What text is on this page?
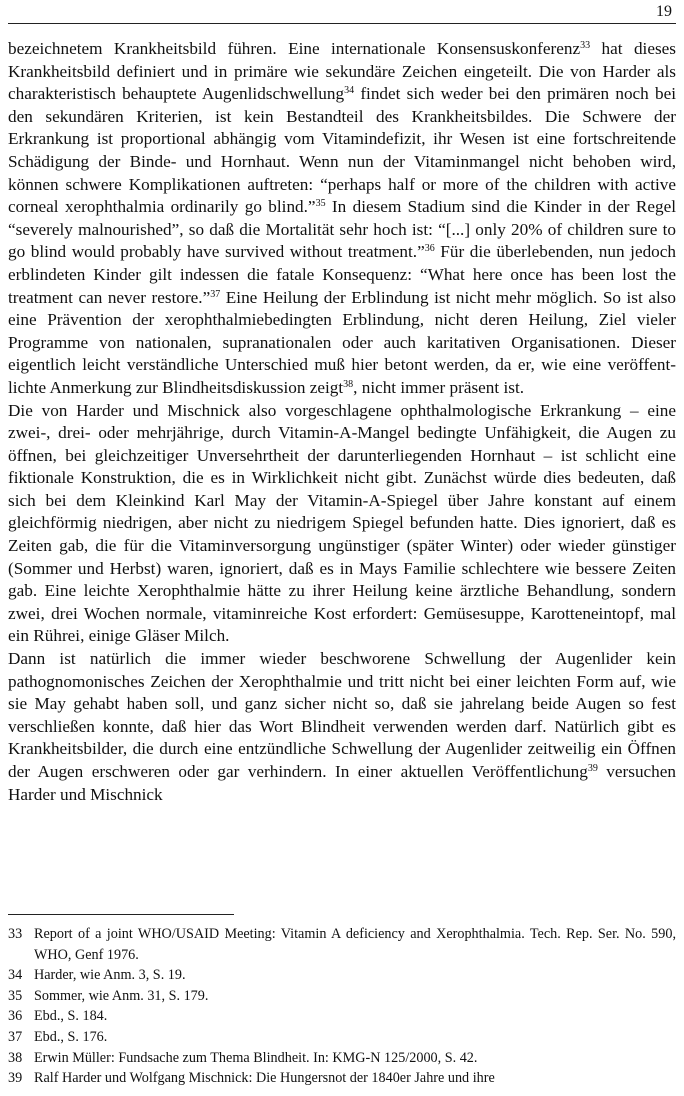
19

bezeichnetem Krankheitsbild führen. Eine internationale Konsensuskonferenz$^{33}$ hat dieses Krankheitsbild definiert und in primäre wie sekundäre Zeichen eingeteilt. Die von Harder als charakteristisch behauptete Augenlidschwellung$^{34}$ findet sich weder bei den primären noch bei den sekundären Kriterien, ist kein Bestandteil des Krankheitsbildes. Die Schwere der Erkrankung ist proportional abhängig vom Vitamindefizit, ihr Wesen ist eine fortschreitende Schädigung der Binde- und Hornhaut. Wenn nun der Vitaminmangel nicht behoben wird, können schwere Komplikationen auftreten: “perhaps half or more of the children with active corneal xerophthalmia ordinarily go blind.”$^{35}$ In diesem Stadium sind die Kinder in der Regel “severely malnourished”, so daß die Mortalität sehr hoch ist: “[...] only 20% of children sure to go blind would probably have survived without treatment.”$^{36}$ Für die überlebenden, nun jedoch erblindeten Kinder gilt indessen die fatale Konsequenz: “What here once has been lost the treatment can never restore.”$^{37}$ Eine Heilung der Erblindung ist nicht mehr möglich. So ist also eine Prävention der xerophthalmiebedingten Erblindung, nicht deren Heilung, Ziel vieler Programme von nationalen, supranationalen oder auch karitativen Organisationen. Dieser eigentlich leicht verständliche Unterschied muß hier betont werden, da er, wie eine veröffentlichte Anmerkung zur Blindheitsdiskussion zeigt$^{38}$, nicht immer präsent ist.

Die von Harder und Mischnick also vorgeschlagene ophthalmologische Erkrankung – eine zwei-, drei- oder mehrjährige, durch Vitamin-A-Mangel bedingte Unfähigkeit, die Augen zu öffnen, bei gleichzeitiger Unversehrtheit der darunterliegenden Hornhaut – ist schlicht eine fiktionale Konstruktion, die es in Wirklichkeit nicht gibt. Zunächst würde dies bedeuten, daß sich bei dem Kleinkind Karl May der Vitamin-A-Spiegel über Jahre konstant auf einem gleichförmig niedrigen, aber nicht zu niedrigem Spiegel befunden hatte. Dies ignoriert, daß es Zeiten gab, die für die Vitaminversorgung ungünstiger (später Winter) oder wieder günstiger (Sommer und Herbst) waren, ignoriert, daß es in Mays Familie schlechtere wie bessere Zeiten gab. Eine leichte Xerophthalmie hätte zu ihrer Heilung keine ärztliche Behandlung, sondern zwei, drei Wochen normale, vitaminreiche Kost erfordert: Gemüsesuppe, Karotteneintopf, mal ein Rührei, einige Gläser Milch.

Dann ist natürlich die immer wieder beschworene Schwellung der Augenlider kein pathognomonisches Zeichen der Xerophthalmie und tritt nicht bei einer leichten Form auf, wie sie May gehabt haben soll, und ganz sicher nicht so, daß sie jahrelang beide Augen so fest verschließen konnte, daß hier das Wort Blindheit verwenden werden darf. Natürlich gibt es Krankheitsbilder, die durch eine entzündliche Schwellung der Augenlider zeitweilig ein Öffnen der Augen erschweren oder gar verhindern. In einer aktuellen Veröffentlichung$^{39}$ versuchen Harder und Mischnick

33 Report of a joint WHO/USAID Meeting: Vitamin A deficiency and Xerophthalmia. Tech. Rep. Ser. No. 590, WHO, Genf 1976.
34 Harder, wie Anm. 3, S. 19.
35 Sommer, wie Anm. 31, S. 179.
36 Ebd., S. 184.
37 Ebd., S. 176.
38 Erwin Müller: Fundsache zum Thema Blindheit. In: KMG-N 125/2000, S. 42.
39 Ralf Harder und Wolfgang Mischnick: Die Hungersnot der 1840er Jahre und ihre
